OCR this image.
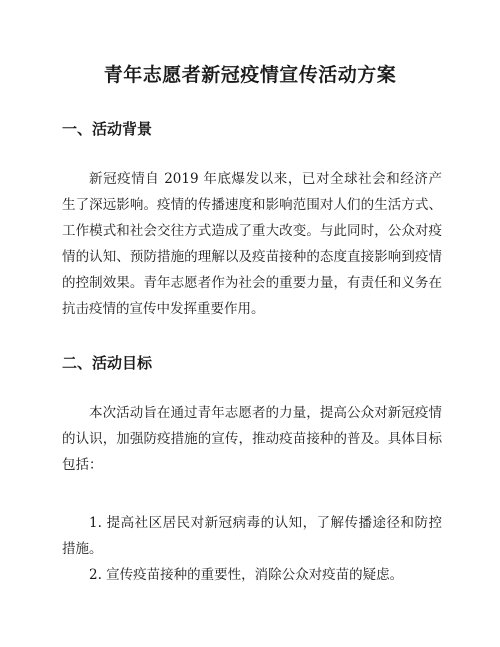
青年志愿者新冠疫情宣传活动方案
一、活动背景

新冠疫情自 2019 年底爆发以来，已对全球社会和经济产生了深远影响。疫情的传播速度和影响范围对人们的生活方式、工作模式和社会交往方式造成了重大改变。与此同时，公众对疫情的认知、预防措施的理解以及疫苗接种的态度直接影响到疫情的控制效果。青年志愿者作为社会的重要力量，有责任和义务在抗击疫情的宣传中发挥重要作用。

二、活动目标

本次活动旨在通过青年志愿者的力量，提高公众对新冠疫情的认识，加强防疫措施的宣传，推动疫苗接种的普及。具体目标包括：

1. 提高社区居民对新冠病毒的认知，了解传播途径和防控措施。

2. 宣传疫苗接种的重要性，消除公众对疫苗的疑虑。
